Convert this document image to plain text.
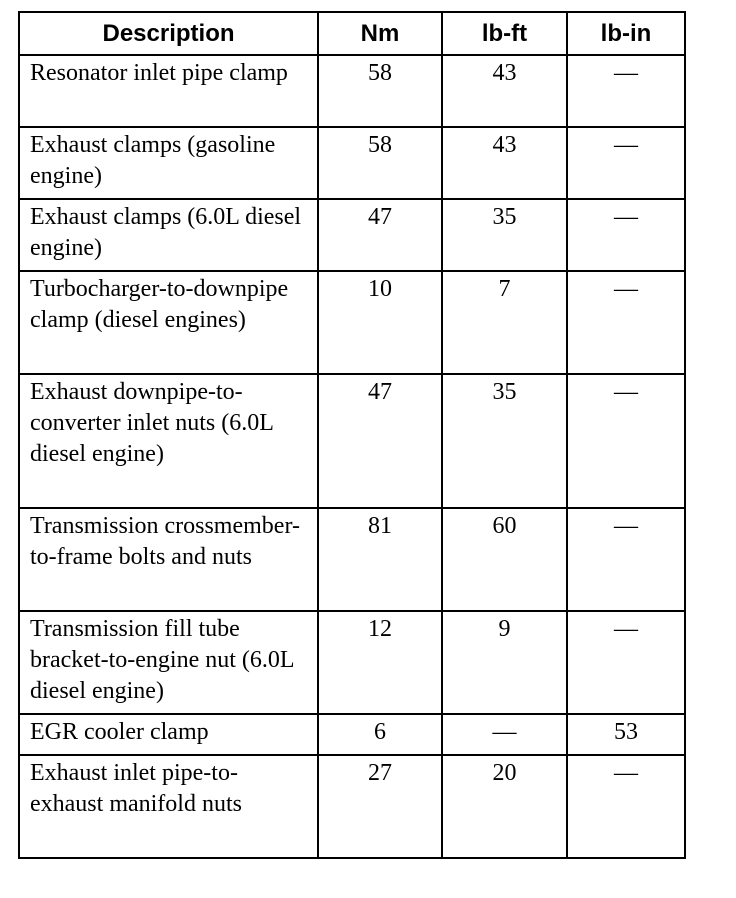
Description	Nm	lb-ft	lb-in
Resonator inlet pipe clamp	58	43	—
Exhaust clamps (gasoline engine)	58	43	—
Exhaust clamps (6.0L diesel engine)	47	35	—
Turbocharger-to-downpipe clamp (diesel engines)	10	7	—
Exhaust downpipe-to-converter inlet nuts (6.0L diesel engine)	47	35	—
Transmission crossmember-to-frame bolts and nuts	81	60	—
Transmission fill tube bracket-to-engine nut (6.0L diesel engine)	12	9	—
EGR cooler clamp	6	—	53
Exhaust inlet pipe-to-exhaust manifold nuts	27	20	—
